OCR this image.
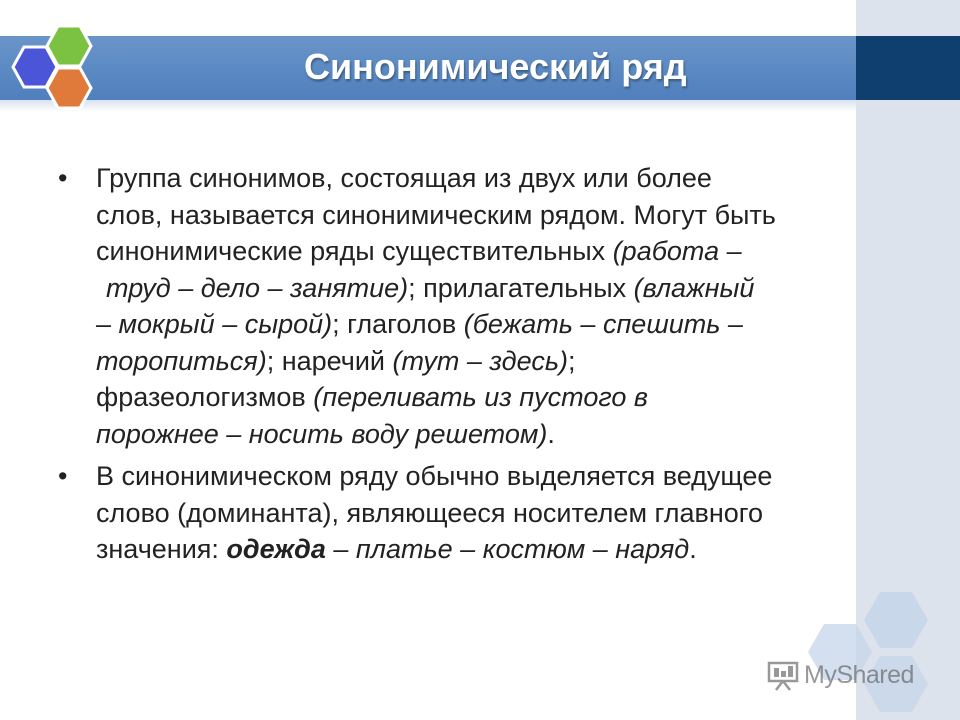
Синонимический ряд
• Группа синонимов, состоящая из двух или более
слов, называется синонимическим рядом. Могут быть
синонимические ряды существительных (работа –
труд – дело – занятие); прилагательных (влажный
– мокрый – сырой); глаголов (бежать – спешить –
торопиться); наречий (тут – здесь);
фразеологизмов (переливать из пустого в
порожнее – носить воду решетом).
• В синонимическом ряду обычно выделяется ведущее
слово (доминанта), являющееся носителем главного
значения: одежда – платье – костюм – наряд.
MyShared
